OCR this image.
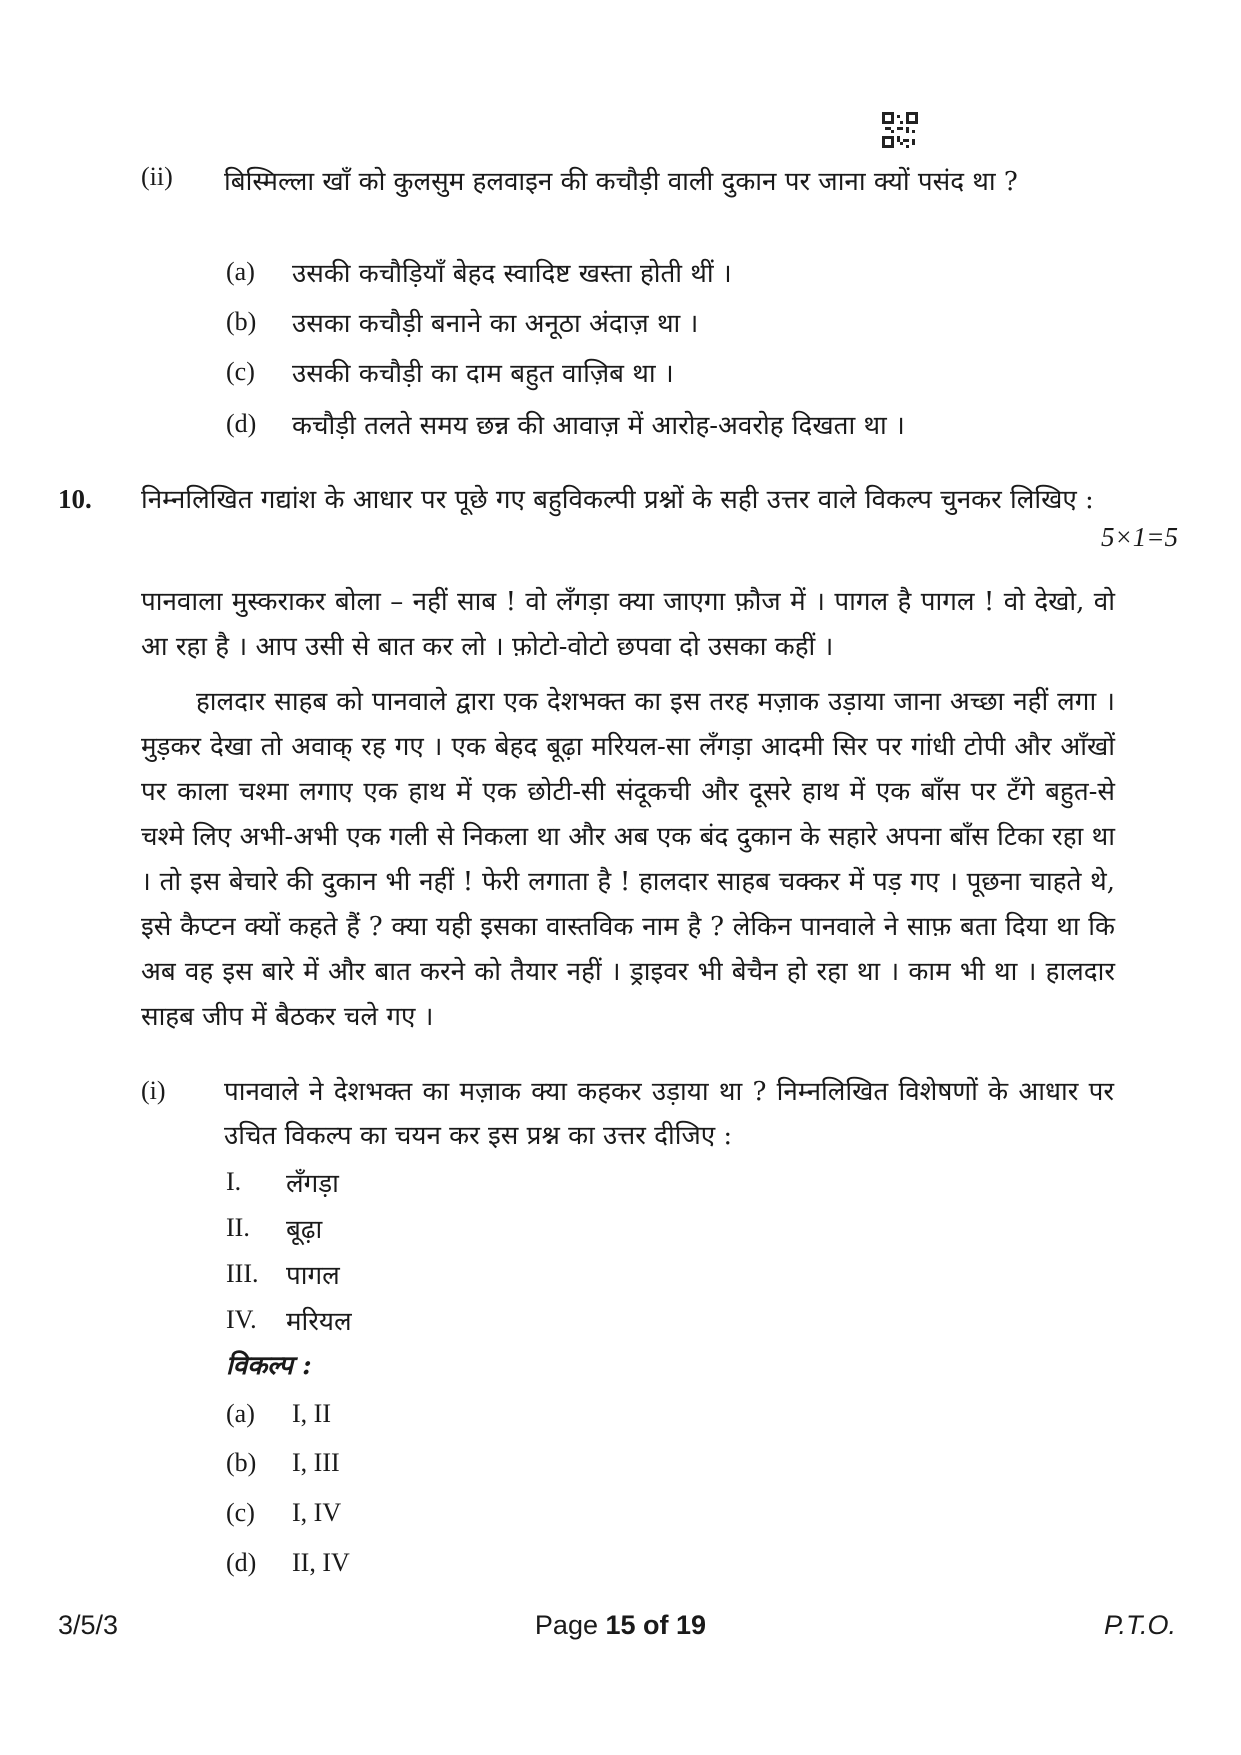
(ii)	बिस्मिल्ला खाँ को कुलसुम हलवाइन की कचौड़ी वाली दुकान पर जाना क्यों पसंद था ?
(a)	उसकी कचौड़ियाँ बेहद स्वादिष्ट खस्ता होती थीं ।
(b)	उसका कचौड़ी बनाने का अनूठा अंदाज़ था ।
(c)	उसकी कचौड़ी का दाम बहुत वाज़िब था ।
(d)	कचौड़ी तलते समय छन्न की आवाज़ में आरोह-अवरोह दिखता था ।
10. निम्नलिखित गद्यांश के आधार पर पूछे गए बहुविकल्पी प्रश्नों के सही उत्तर वाले विकल्प चुनकर लिखिए :
5×1=5

पानवाला मुस्कराकर बोला – नहीं साब ! वो लँगड़ा क्या जाएगा फ़ौज में । पागल है पागल ! वो देखो, वो आ रहा है । आप उसी से बात कर लो । फ़ोटो-वोटो छपवा दो उसका कहीं ।

हालदार साहब को पानवाले द्वारा एक देशभक्त का इस तरह मज़ाक उड़ाया जाना अच्छा नहीं लगा । मुड़कर देखा तो अवाक् रह गए । एक बेहद बूढ़ा मरियल-सा लँगड़ा आदमी सिर पर गांधी टोपी और आँखों पर काला चश्मा लगाए एक हाथ में एक छोटी-सी संदूकची और दूसरे हाथ में एक बाँस पर टँगे बहुत-से चश्मे लिए अभी-अभी एक गली से निकला था और अब एक बंद दुकान के सहारे अपना बाँस टिका रहा था । तो इस बेचारे की दुकान भी नहीं ! फेरी लगाता है ! हालदार साहब चक्कर में पड़ गए । पूछना चाहते थे, इसे कैप्टन क्यों कहते हैं ? क्या यही इसका वास्तविक नाम है ? लेकिन पानवाले ने साफ़ बता दिया था कि अब वह इस बारे में और बात करने को तैयार नहीं । ड्राइवर भी बेचैन हो रहा था । काम भी था । हालदार साहब जीप में बैठकर चले गए ।

(i)	पानवाले ने देशभक्त का मज़ाक क्या कहकर उड़ाया था ? निम्नलिखित विशेषणों के आधार पर उचित विकल्प का चयन कर इस प्रश्न का उत्तर दीजिए :
I.	लँगड़ा
II.	बूढ़ा
III.	पागल
IV.	मरियल
विकल्प :
(a)	I, II
(b)	I, III
(c)	I, IV
(d)	II, IV
3/5/3	Page 15 of 19	P.T.O.
